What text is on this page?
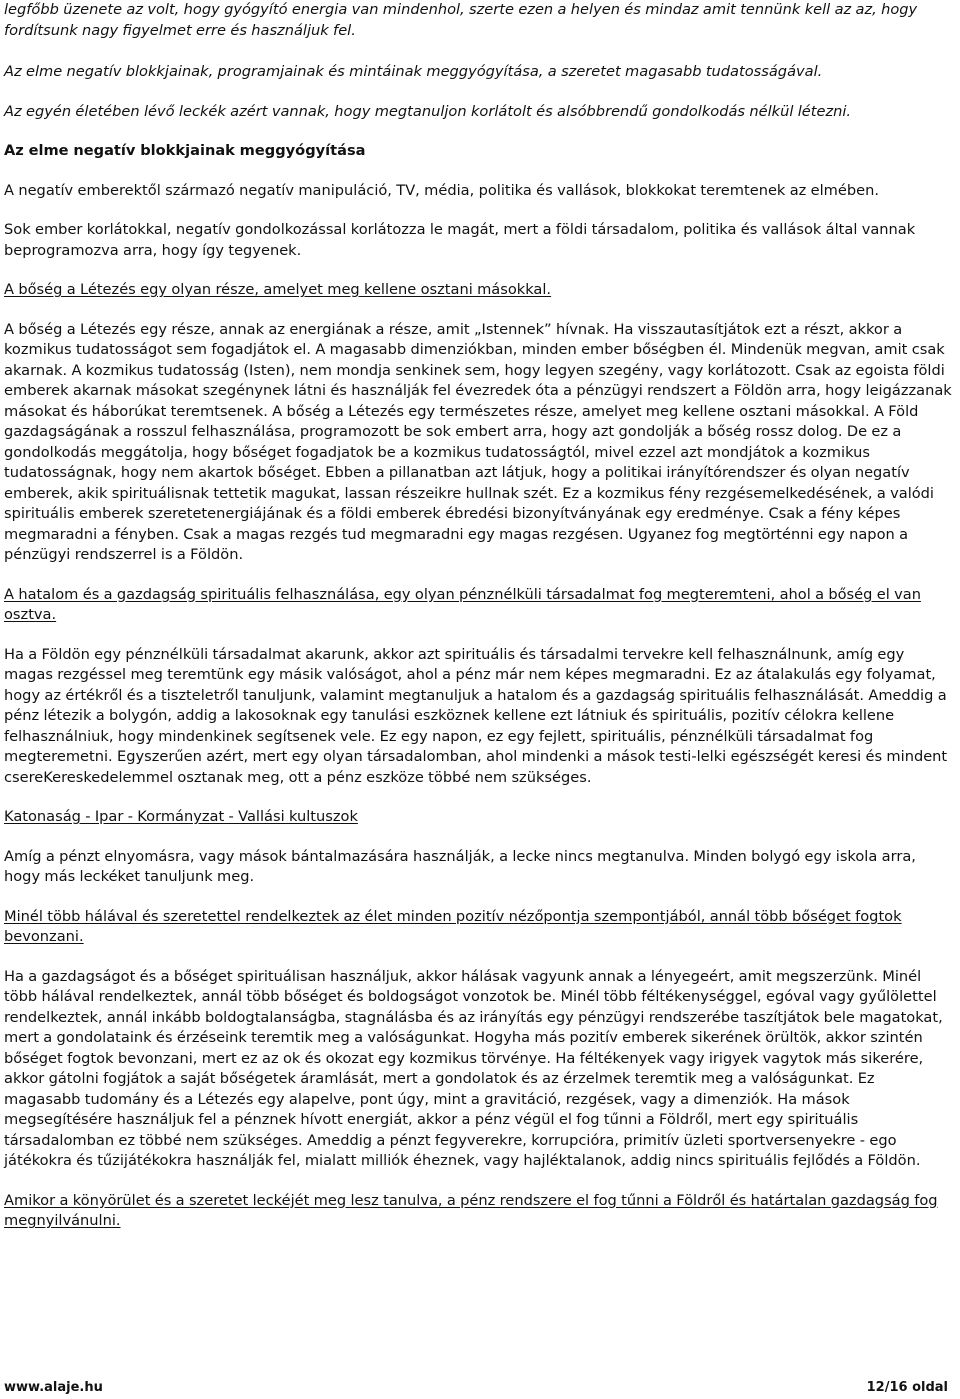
legfőbb üzenete az volt, hogy gyógyító energia van mindenhol, szerte ezen a helyen és mindaz amit tennünk kell az az, hogy fordítsunk nagy figyelmet erre és használjuk fel.

Az elme negatív blokkjainak, programjainak és mintáinak meggyógyítása, a szeretet magasabb tudatosságával.

Az egyén életében lévő leckék azért vannak, hogy megtanuljon korlátolt és alsóbbrendű gondolkodás nélkül létezni.

Az elme negatív blokkjainak meggyógyítása

A negatív emberektől származó negatív manipuláció, TV, média, politika és vallások, blokkokat teremtenek az elmében.

Sok ember korlátokkal, negatív gondolkozással korlátozza le magát, mert a földi társadalom, politika és vallások által vannak beprogramozva arra, hogy így tegyenek.

A bőség a Létezés egy olyan része, amelyet meg kellene osztani másokkal.

A bőség a Létezés egy része, annak az energiának a része, amit „Istennek” hívnak. Ha visszautasítjátok ezt a részt, akkor a kozmikus tudatosságot sem fogadjátok el. A magasabb dimenziókban, minden ember bőségben él. Mindenük megvan, amit csak akarnak. A kozmikus tudatosság (Isten), nem mondja senkinek sem, hogy legyen szegény, vagy korlátozott. Csak az egoista földi emberek akarnak másokat szegénynek látni és használják fel évezredek óta a pénzügyi rendszert a Földön arra, hogy leigázzanak másokat és háborúkat teremtsenek. A bőség a Létezés egy természetes része, amelyet meg kellene osztani másokkal. A Föld gazdagságának a rosszul felhasználása, programozott be sok embert arra, hogy azt gondolják a bőség rossz dolog. De ez a gondolkodás meggátolja, hogy bőséget fogadjatok be a kozmikus tudatosságtól, mivel ezzel azt mondjátok a kozmikus tudatosságnak, hogy nem akartok bőséget. Ebben a pillanatban azt látjuk, hogy a politikai irányítórendszer és olyan negatív emberek, akik spirituálisnak tettetik magukat, lassan részeikre hullnak szét. Ez a kozmikus fény rezgésemelkedésének, a valódi spirituális emberek szeretetenergiájának és a földi emberek ébredési bizonyítványának egy eredménye. Csak a fény képes megmaradni a fényben. Csak a magas rezgés tud megmaradni egy magas rezgésen. Ugyanez fog megtörténni egy napon a pénzügyi rendszerrel is a Földön.

A hatalom és a gazdagság spirituális felhasználása, egy olyan pénznélküli társadalmat fog megteremteni, ahol a bőség el van osztva.

Ha a Földön egy pénznélküli társadalmat akarunk, akkor azt spirituális és társadalmi tervekre kell felhasználnunk, amíg egy magas rezgéssel meg teremtünk egy másik valóságot, ahol a pénz már nem képes megmaradni. Ez az átalakulás egy folyamat, hogy az értékről és a tiszteletről tanuljunk, valamint megtanuljuk a hatalom és a gazdagság spirituális felhasználását. Ameddig a pénz létezik a bolygón, addig a lakosoknak egy tanulási eszköznek kellene ezt látniuk és spirituális, pozitív célokra kellene felhasználniuk, hogy mindenkinek segítsenek vele. Ez egy napon, ez egy fejlett, spirituális, pénznélküli társadalmat fog megteremetni. Egyszerűen azért, mert egy olyan társadalomban, ahol mindenki a mások testi-lelki egészségét keresi és mindent csereKereskedelemmel osztanak meg, ott a pénz eszköze többé nem szükséges.

Katonaság - Ipar - Kormányzat - Vallási kultuszok

Amíg a pénzt elnyomásra, vagy mások bántalmazására használják, a lecke nincs megtanulva. Minden bolygó egy iskola arra, hogy más leckéket tanuljunk meg.

Minél több hálával és szeretettel rendelkeztek az élet minden pozitív nézőpontja szempontjából, annál több bőséget fogtok bevonzani.

Ha a gazdagságot és a bőséget spirituálisan használjuk, akkor hálásak vagyunk annak a lényegeért, amit megszerzünk. Minél több hálával rendelkeztek, annál több bőséget és boldogságot vonzotok be. Minél több féltékenységgel, egóval vagy gyűlölettel rendelkeztek, annál inkább boldogtalanságba, stagnálásba és az irányítás egy pénzügyi rendszerébe taszítjátok bele magatokat, mert a gondolataink és érzéseink teremtik meg a valóságunkat. Hogyha más pozitív emberek sikerének örültök, akkor szintén bőséget fogtok bevonzani, mert ez az ok és okozat egy kozmikus törvénye. Ha féltékenyek vagy irigyek vagytok más sikerére, akkor gátolni fogjátok a saját bőségetek áramlását, mert a gondolatok és az érzelmek teremtik meg a valóságunkat. Ez magasabb tudomány és a Létezés egy alapelve, pont úgy, mint a gravitáció, rezgések, vagy a dimenziók. Ha mások megsegítésére használjuk fel a pénznek hívott energiát, akkor a pénz végül el fog tűnni a Földről, mert egy spirituális társadalomban ez többé nem szükséges. Ameddig a pénzt fegyverekre, korrupcióra, primitív üzleti sportversenyekre - ego játékokra és tűzijátékokra használják fel, mialatt milliók éheznek, vagy hajléktalanok, addig nincs spirituális fejlődés a Földön.

Amikor a könyörület és a szeretet leckéjét meg lesz tanulva, a pénz rendszere el fog tűnni a Földről és határtalan gazdagság fog megnyilvánulni.

www.alaje.hu	12/16 oldal
